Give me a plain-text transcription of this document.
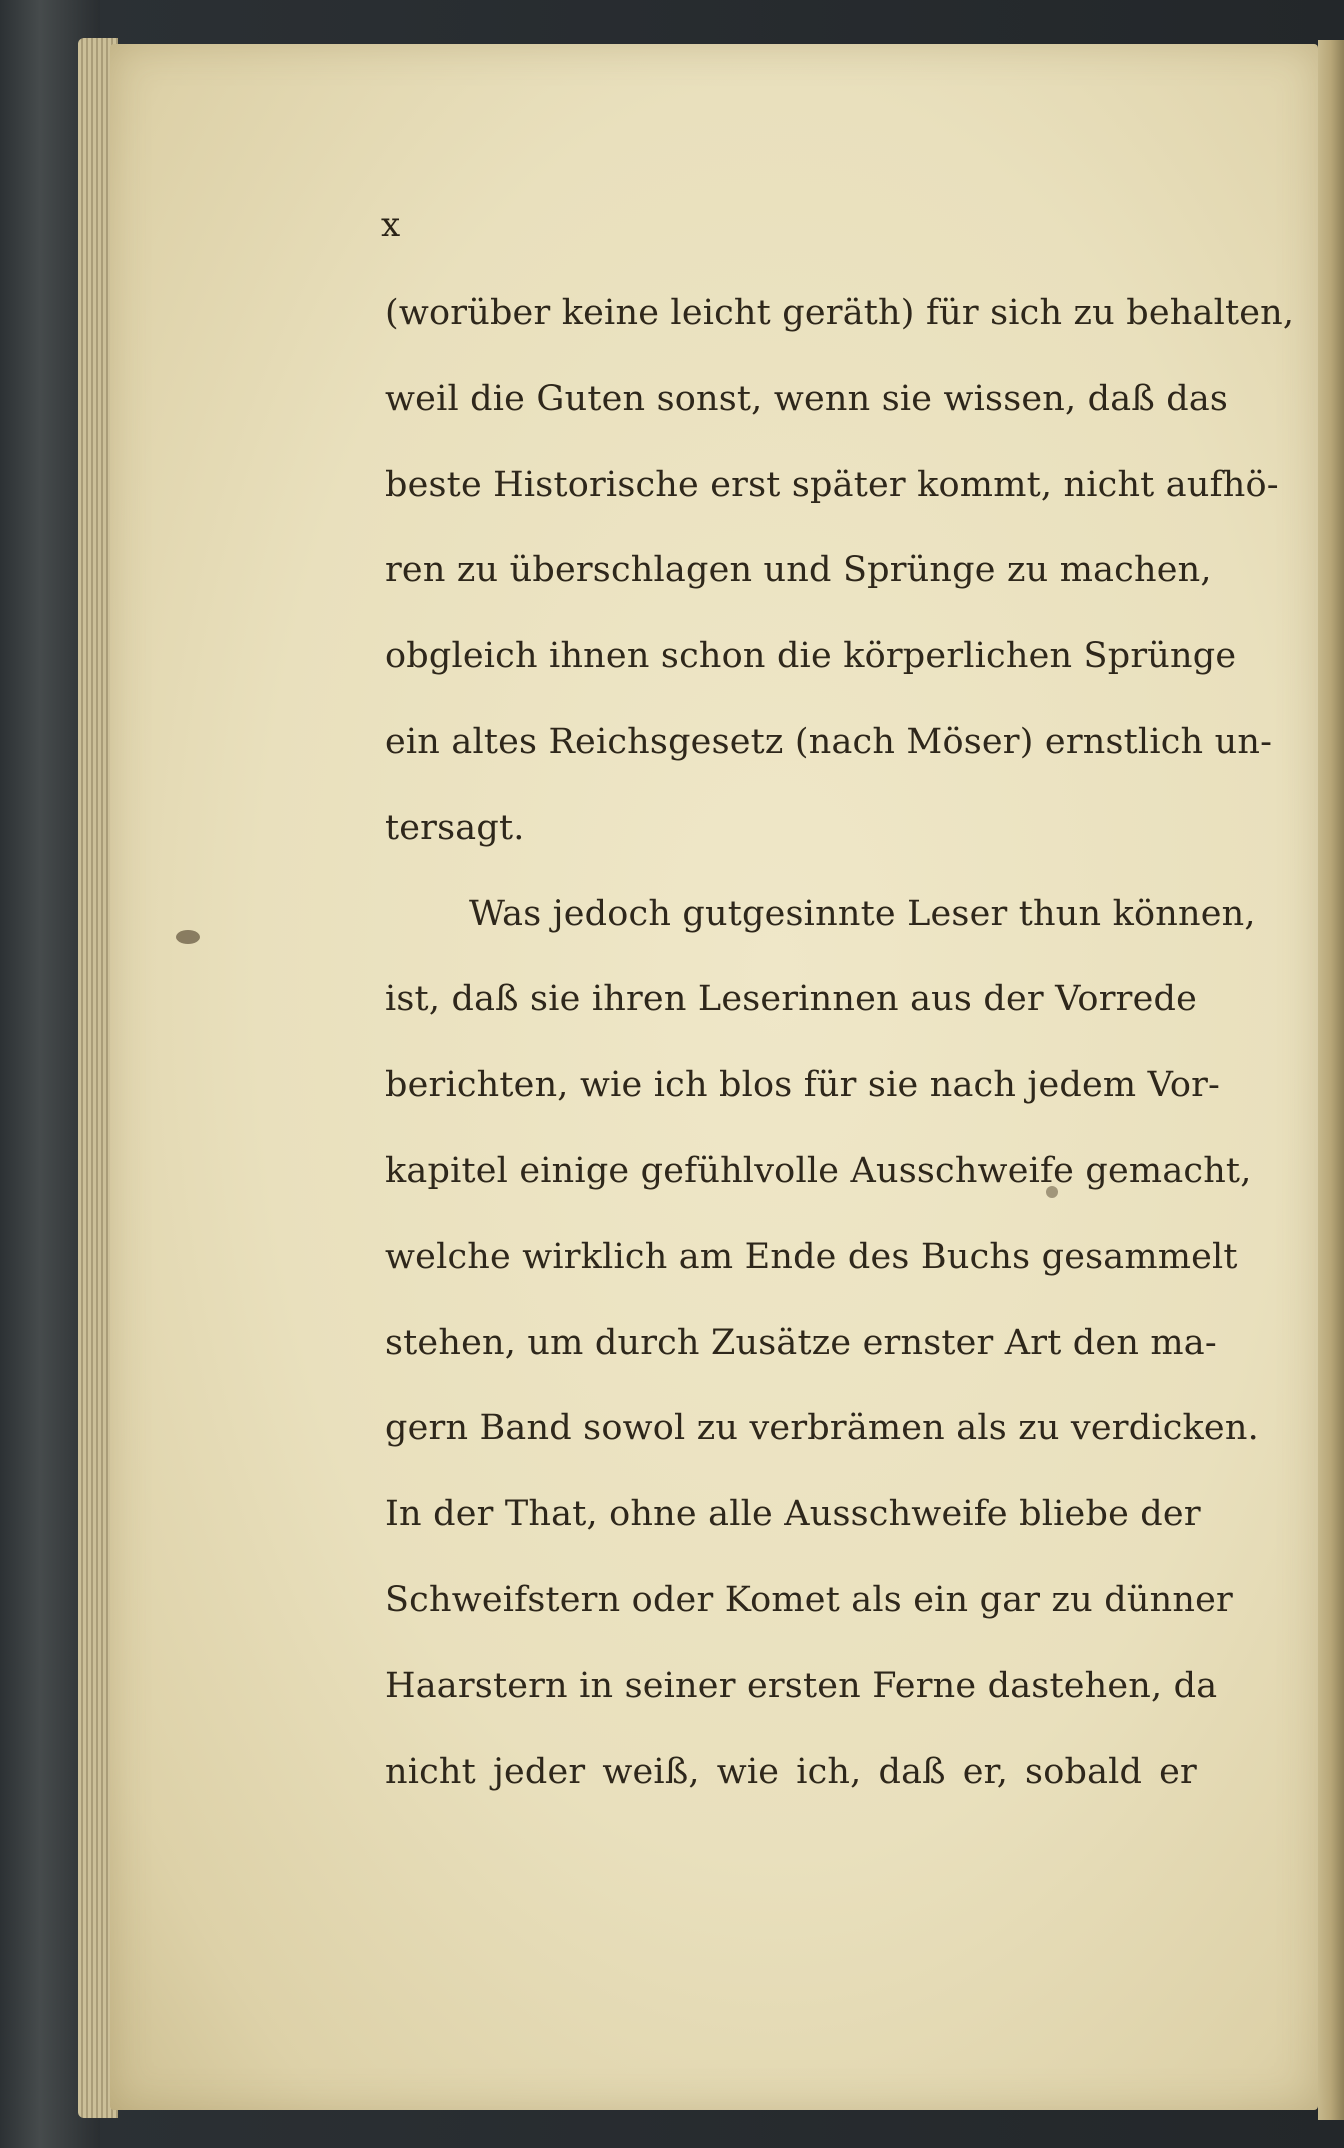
x

(worüber keine leicht geräth) für sich zu behalten,
weil die Guten sonst, wenn sie wissen, daß das
beste Historische erst später kommt, nicht aufhö-
ren zu überschlagen und Sprünge zu machen,
obgleich ihnen schon die körperlichen Sprünge
ein altes Reichsgesetz (nach Möser) ernstlich un-
tersagt.
Was jedoch gutgesinnte Leser thun können,
ist, daß sie ihren Leserinnen aus der Vorrede
berichten, wie ich blos für sie nach jedem Vor-
kapitel einige gefühlvolle Ausschweife gemacht,
welche wirklich am Ende des Buchs gesammelt
stehen, um durch Zusätze ernster Art den ma-
gern Band sowol zu verbrämen als zu verdicken.
In der That, ohne alle Ausschweife bliebe der
Schweifstern oder Komet als ein gar zu dünner
Haarstern in seiner ersten Ferne dastehen, da
nicht jeder weiß, wie ich, daß er, sobald er
